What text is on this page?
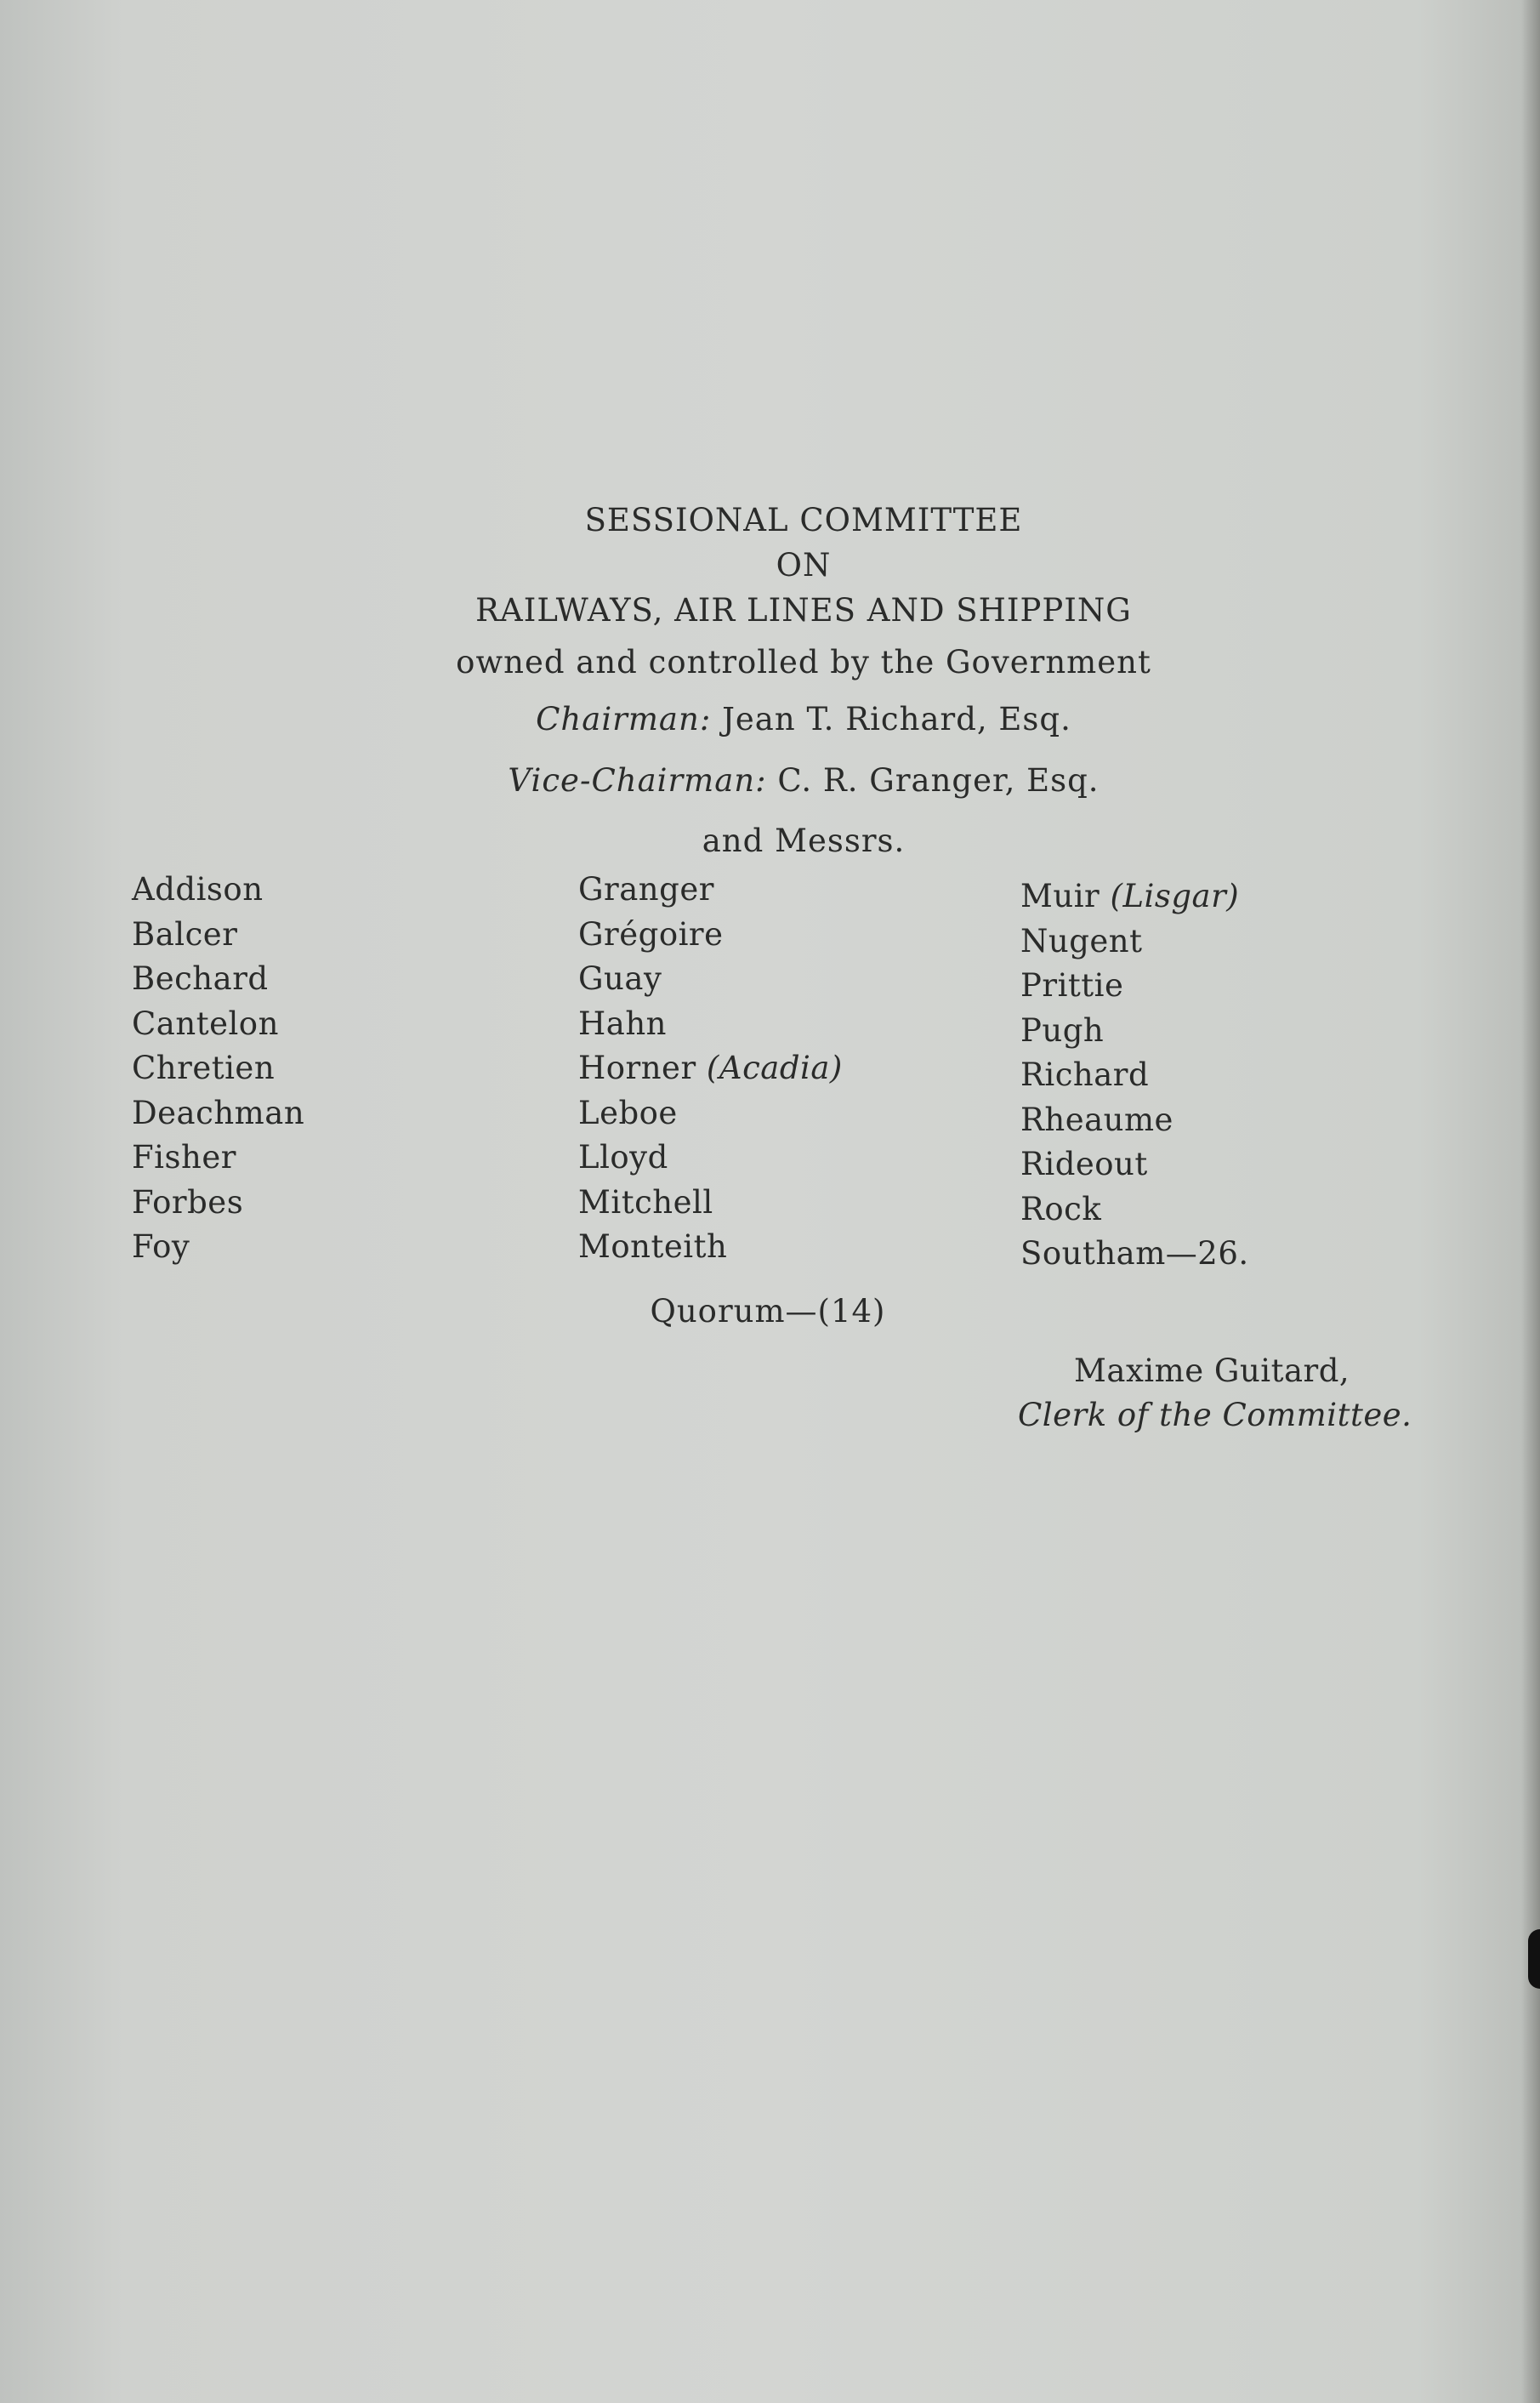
SESSIONAL COMMITTEE
ON
RAILWAYS, AIR LINES AND SHIPPING
owned and controlled by the Government
Chairman: Jean T. Richard, Esq.
Vice-Chairman: C. R. Granger, Esq.
and Messrs.
Addison
Balcer
Bechard
Cantelon
Chretien
Deachman
Fisher
Forbes
Foy
Granger
Grégoire
Guay
Hahn
Horner (Acadia)
Leboe
Lloyd
Mitchell
Monteith
Muir (Lisgar)
Nugent
Prittie
Pugh
Richard
Rheaume
Rideout
Rock
Southam—26.
Quorum—(14)
Maxime Guitard,
Clerk of the Committee.
